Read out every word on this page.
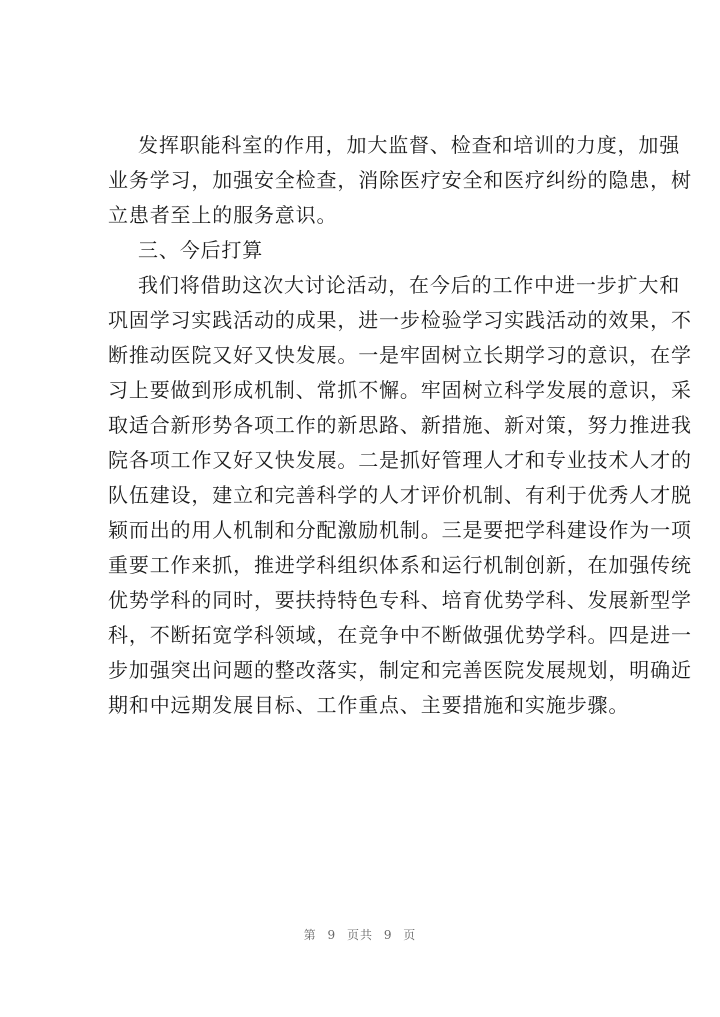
发挥职能科室的作用，加大监督、检查和培训的力度，加强
业务学习，加强安全检查，消除医疗安全和医疗纠纷的隐患，树
立患者至上的服务意识。
三、今后打算
我们将借助这次大讨论活动，在今后的工作中进一步扩大和
巩固学习实践活动的成果，进一步检验学习实践活动的效果，不
断推动医院又好又快发展。一是牢固树立长期学习的意识，在学
习上要做到形成机制、常抓不懈。牢固树立科学发展的意识，采
取适合新形势各项工作的新思路、新措施、新对策，努力推进我
院各项工作又好又快发展。二是抓好管理人才和专业技术人才的
队伍建设，建立和完善科学的人才评价机制、有利于优秀人才脱
颖而出的用人机制和分配激励机制。三是要把学科建设作为一项
重要工作来抓，推进学科组织体系和运行机制创新，在加强传统
优势学科的同时，要扶持特色专科、培育优势学科、发展新型学
科，不断拓宽学科领域，在竞争中不断做强优势学科。四是进一
步加强突出问题的整改落实，制定和完善医院发展规划，明确近
期和中远期发展目标、工作重点、主要措施和实施步骤。
第 9 页共 9 页
